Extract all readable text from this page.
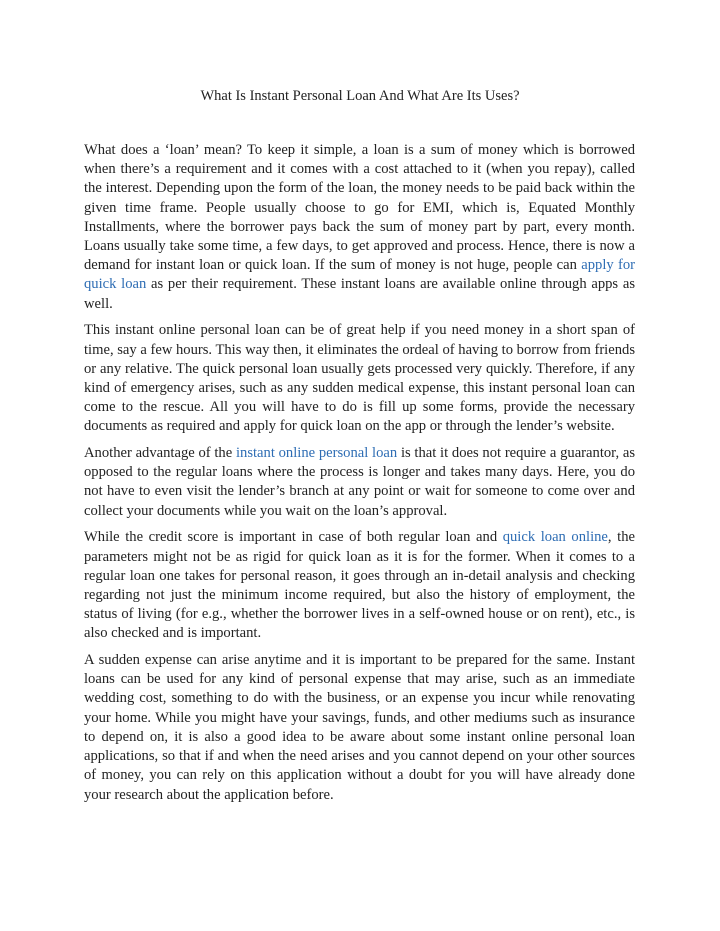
What Is Instant Personal Loan And What Are Its Uses?

What does a ‘loan’ mean? To keep it simple, a loan is a sum of money which is borrowed when there’s a requirement and it comes with a cost attached to it (when you repay), called the interest. Depending upon the form of the loan, the money needs to be paid back within the given time frame. People usually choose to go for EMI, which is, Equated Monthly Installments, where the borrower pays back the sum of money part by part, every month. Loans usually take some time, a few days, to get approved and process. Hence, there is now a demand for instant loan or quick loan. If the sum of money is not huge, people can apply for quick loan as per their requirement. These instant loans are available online through apps as well.

This instant online personal loan can be of great help if you need money in a short span of time, say a few hours. This way then, it eliminates the ordeal of having to borrow from friends or any relative. The quick personal loan usually gets processed very quickly. Therefore, if any kind of emergency arises, such as any sudden medical expense, this instant personal loan can come to the rescue. All you will have to do is fill up some forms, provide the necessary documents as required and apply for quick loan on the app or through the lender’s website.

Another advantage of the instant online personal loan is that it does not require a guarantor, as opposed to the regular loans where the process is longer and takes many days. Here, you do not have to even visit the lender’s branch at any point or wait for someone to come over and collect your documents while you wait on the loan’s approval.

While the credit score is important in case of both regular loan and quick loan online, the parameters might not be as rigid for quick loan as it is for the former. When it comes to a regular loan one takes for personal reason, it goes through an in-detail analysis and checking regarding not just the minimum income required, but also the history of employment, the status of living (for e.g., whether the borrower lives in a self-owned house or on rent), etc., is also checked and is important.

A sudden expense can arise anytime and it is important to be prepared for the same. Instant loans can be used for any kind of personal expense that may arise, such as an immediate wedding cost, something to do with the business, or an expense you incur while renovating your home. While you might have your savings, funds, and other mediums such as insurance to depend on, it is also a good idea to be aware about some instant online personal loan applications, so that if and when the need arises and you cannot depend on your other sources of money, you can rely on this application without a doubt for you will have already done your research about the application before.
